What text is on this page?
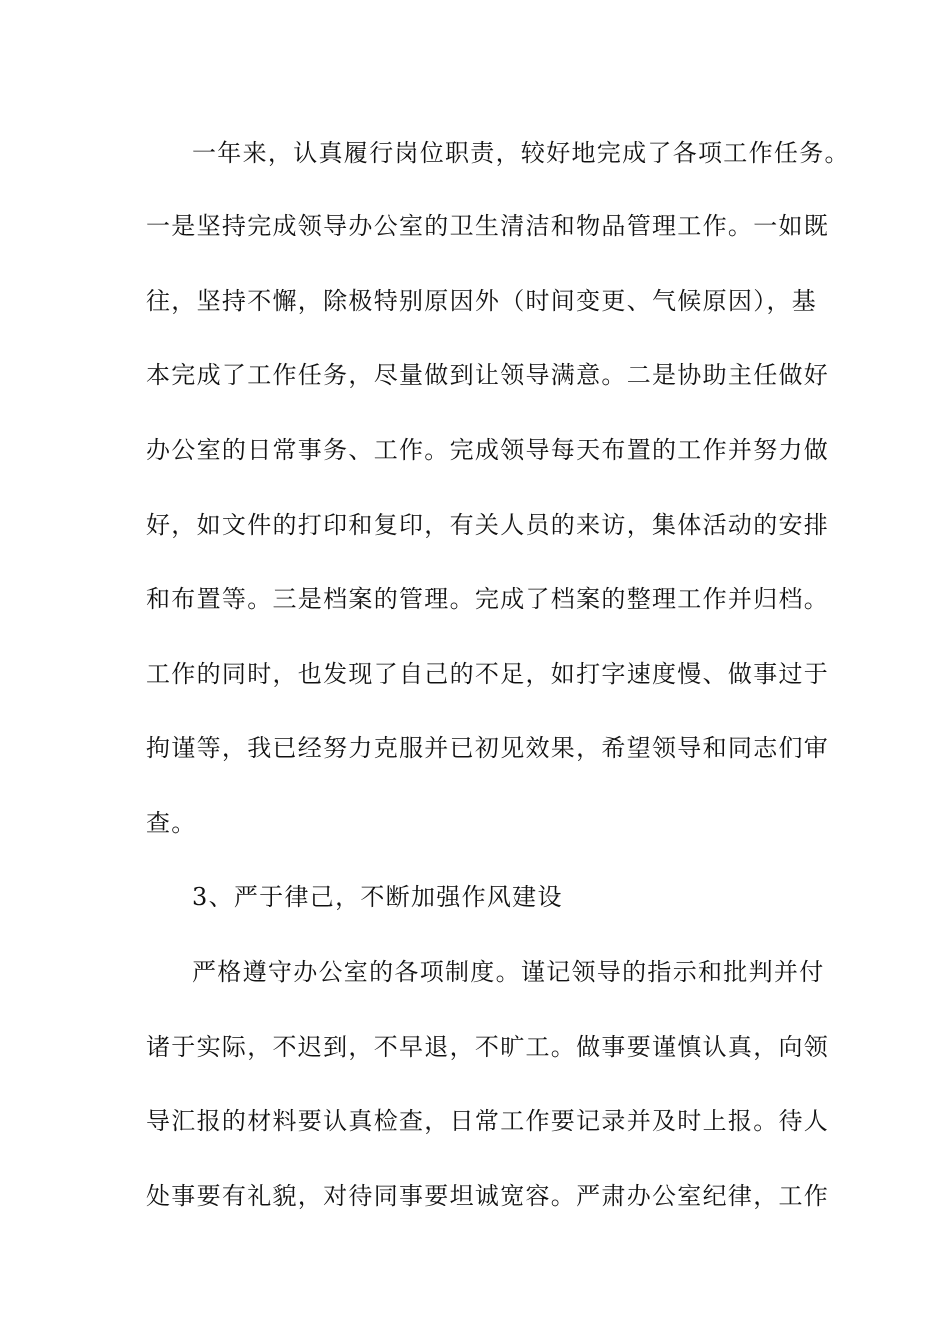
一年来，认真履行岗位职责，较好地完成了各项工作任务。
一是坚持完成领导办公室的卫生清洁和物品管理工作。一如既
往，坚持不懈，除极特别原因外（时间变更、气候原因），基
本完成了工作任务，尽量做到让领导满意。二是协助主任做好
办公室的日常事务、工作。完成领导每天布置的工作并努力做
好，如文件的打印和复印，有关人员的来访，集体活动的安排
和布置等。三是档案的管理。完成了档案的整理工作并归档。
工作的同时，也发现了自己的不足，如打字速度慢、做事过于
拘谨等，我已经努力克服并已初见效果，希望领导和同志们审
查。
3、严于律己，不断加强作风建设
严格遵守办公室的各项制度。谨记领导的指示和批判并付
诸于实际，不迟到，不早退，不旷工。做事要谨慎认真，向领
导汇报的材料要认真检查，日常工作要记录并及时上报。待人
处事要有礼貌，对待同事要坦诚宽容。严肃办公室纪律，工作
